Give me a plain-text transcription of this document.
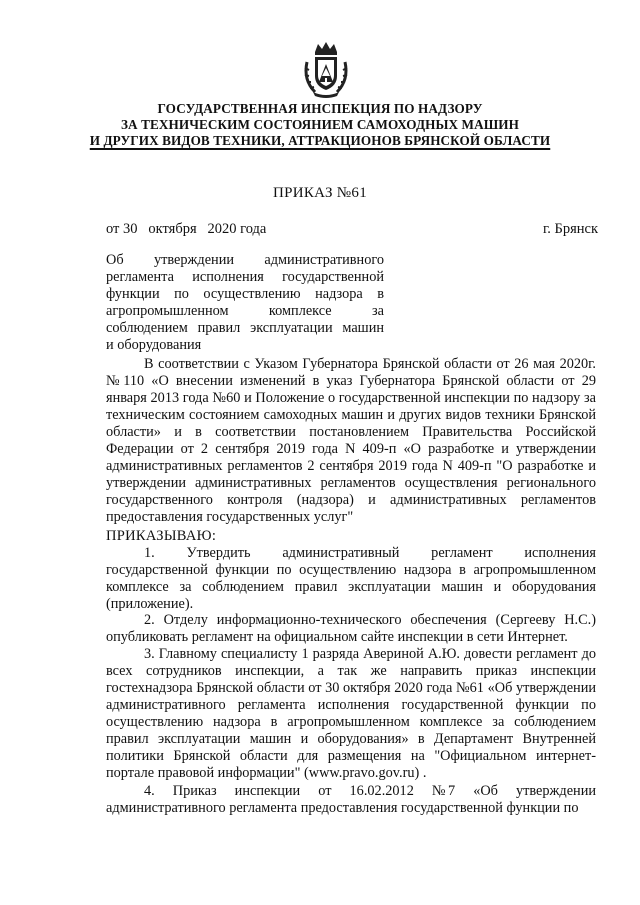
ГОСУДАРСТВЕННАЯ ИНСПЕКЦИЯ ПО НАДЗОРУ
ЗА ТЕХНИЧЕСКИМ СОСТОЯНИЕМ САМОХОДНЫХ МАШИН
И ДРУГИХ ВИДОВ ТЕХНИКИ, АТТРАКЦИОНОВ БРЯНСКОЙ ОБЛАСТИ
ПРИКАЗ №61
от 30   октября   2020 года	г. Брянск
Об утверждении административного регламента исполнения государственной функции по осуществлению надзора в агропромышленном комплексе за соблюдением правил эксплуатации машин
и оборудования
В соответствии с Указом Губернатора Брянской области от 26 мая 2020г. №110 «О внесении изменений в указ Губернатора Брянской области от 29 января 2013 года №60 и Положение о государственной инспекции по надзору за техническим состоянием самоходных машин и других видов техники Брянской области» и в соответствии постановлением Правительства Российской Федерации от 2 сентября 2019 года N 409-п «О разработке и утверждении административных регламентов 2 сентября 2019 года N 409-п "О разработке и утверждении административных регламентов осуществления регионального государственного контроля (надзора) и административных регламентов предоставления государственных услуг"
ПРИКАЗЫВАЮ:
1.   Утвердить   административный   регламент   исполнения государственной функции по осуществлению надзора в агропромышленном комплексе за соблюдением правил эксплуатации машин и оборудования (приложение).
2. Отделу информационно-технического обеспечения (Сергееву Н.С.) опубликовать регламент на официальном сайте инспекции в сети Интернет.
3. Главному специалисту 1 разряда Авериной А.Ю. довести регламент до всех сотрудников инспекции, а так же направить приказ инспекции гостехнадзора Брянской области от 30 октября 2020 года №61 «Об утверждении административного регламента исполнения государственной функции по осуществлению надзора в агропромышленном комплексе за соблюдением правил эксплуатации машин и оборудования» в Департамент Внутренней политики Брянской области для размещения на "Официальном интернет-портале правовой информации" (www.pravo.gov.ru) .
4.   Приказ   инспекции   от   16.02.2012   №7   «Об   утверждении административного регламента предоставления государственной функции по
